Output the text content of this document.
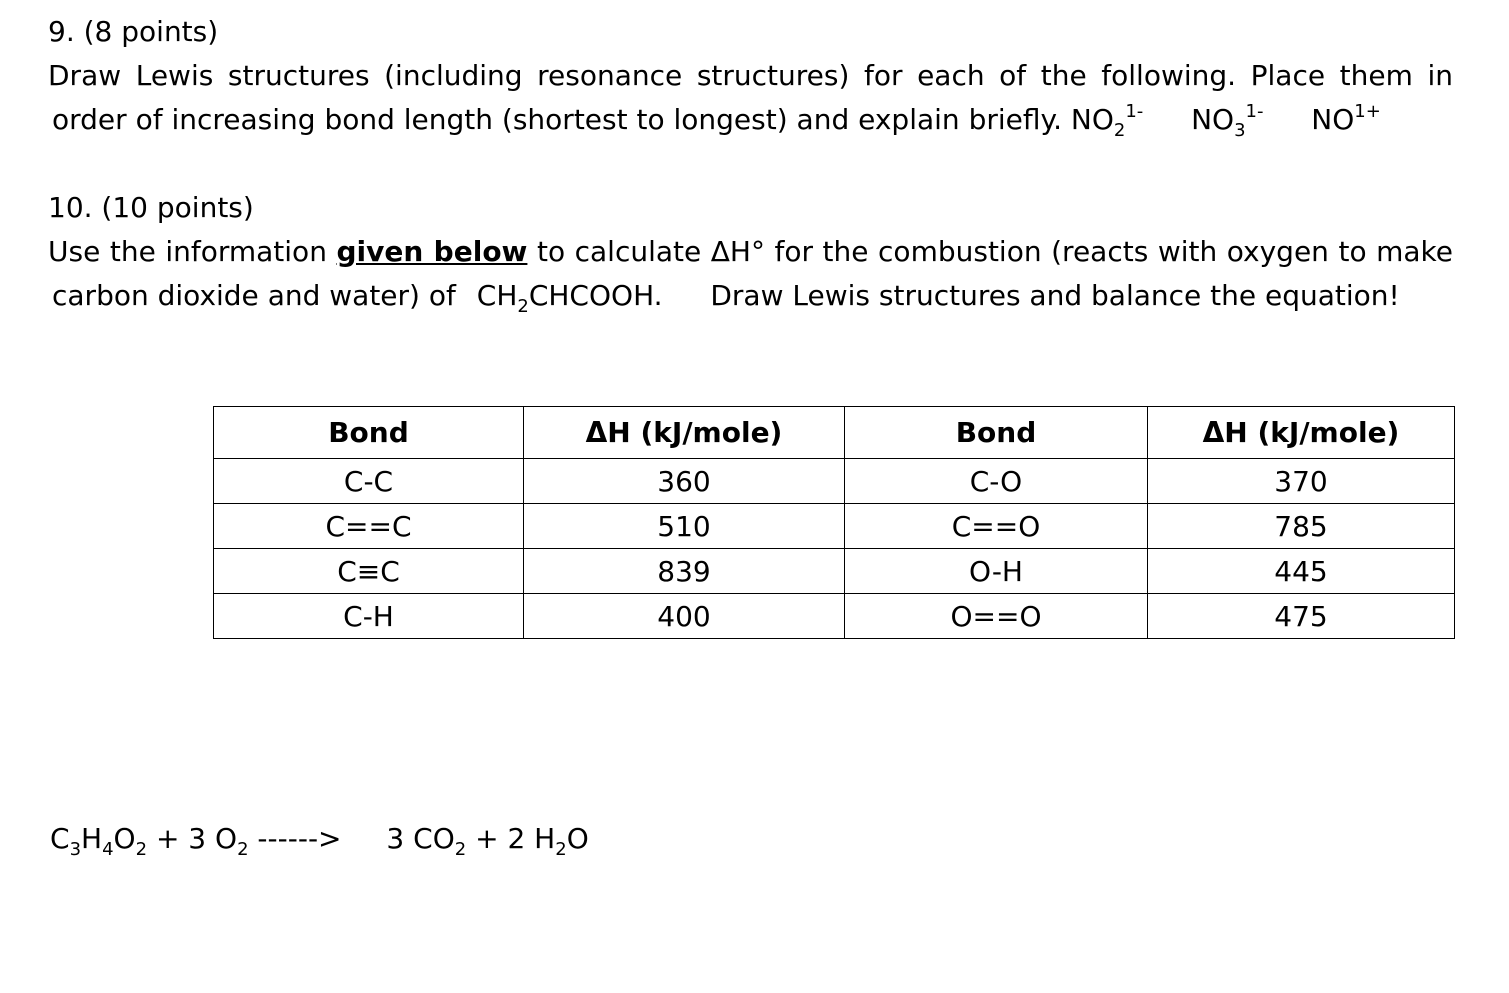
9. (8 points)
Draw Lewis structures (including resonance structures) for each of the following. Place them in
order of increasing bond length (shortest to longest) and explain briefly. $NO_2^{1-}$ $NO_3^{1-}$ $NO^{1+}$
10. (10 points)
Use the information given below to calculate ΔH° for the combustion (reacts with oxygen to make
carbon dioxide and water) of $CH_2CHCOOH$. Draw Lewis structures and balance the equation!
Bond	ΔH (kJ/mole)	Bond	ΔH (kJ/mole)
C-C	360	C-O	370
C==C	510	C==O	785
C≡C	839	O-H	445
C-H	400	O==O	475
$C_3H_4O_2 + 3$ $O_2$ ------> 3 $CO_2 + 2$ $H_2O$
